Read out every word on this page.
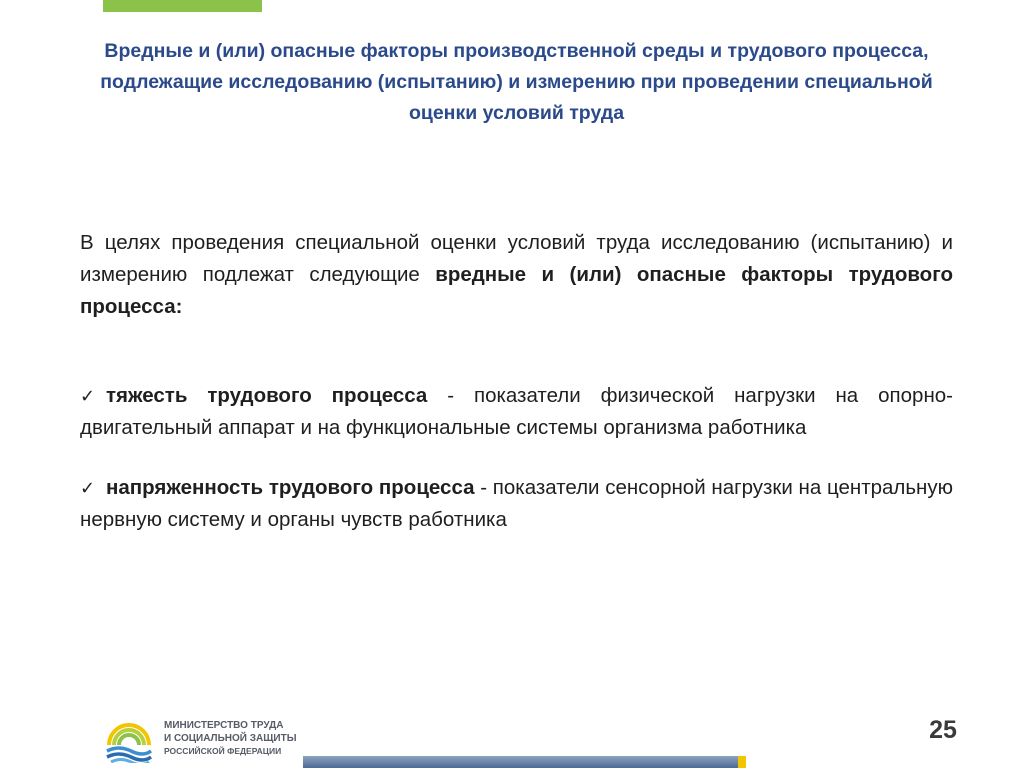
Вредные и (или) опасные факторы производственной среды и трудового процесса, подлежащие исследованию (испытанию) и измерению при проведении специальной оценки условий труда

В целях проведения специальной оценки условий труда исследованию (испытанию) и измерению подлежат следующие вредные и (или) опасные факторы трудового процесса:

✓ тяжесть трудового процесса - показатели физической нагрузки на опорно-двигательный аппарат и на функциональные системы организма работника

✓ напряженность трудового процесса - показатели сенсорной нагрузки на центральную нервную систему и органы чувств работника

МИНИСТЕРСТВО ТРУДА
И СОЦИАЛЬНОЙ ЗАЩИТЫ
РОССИЙСКОЙ ФЕДЕРАЦИИ

25
